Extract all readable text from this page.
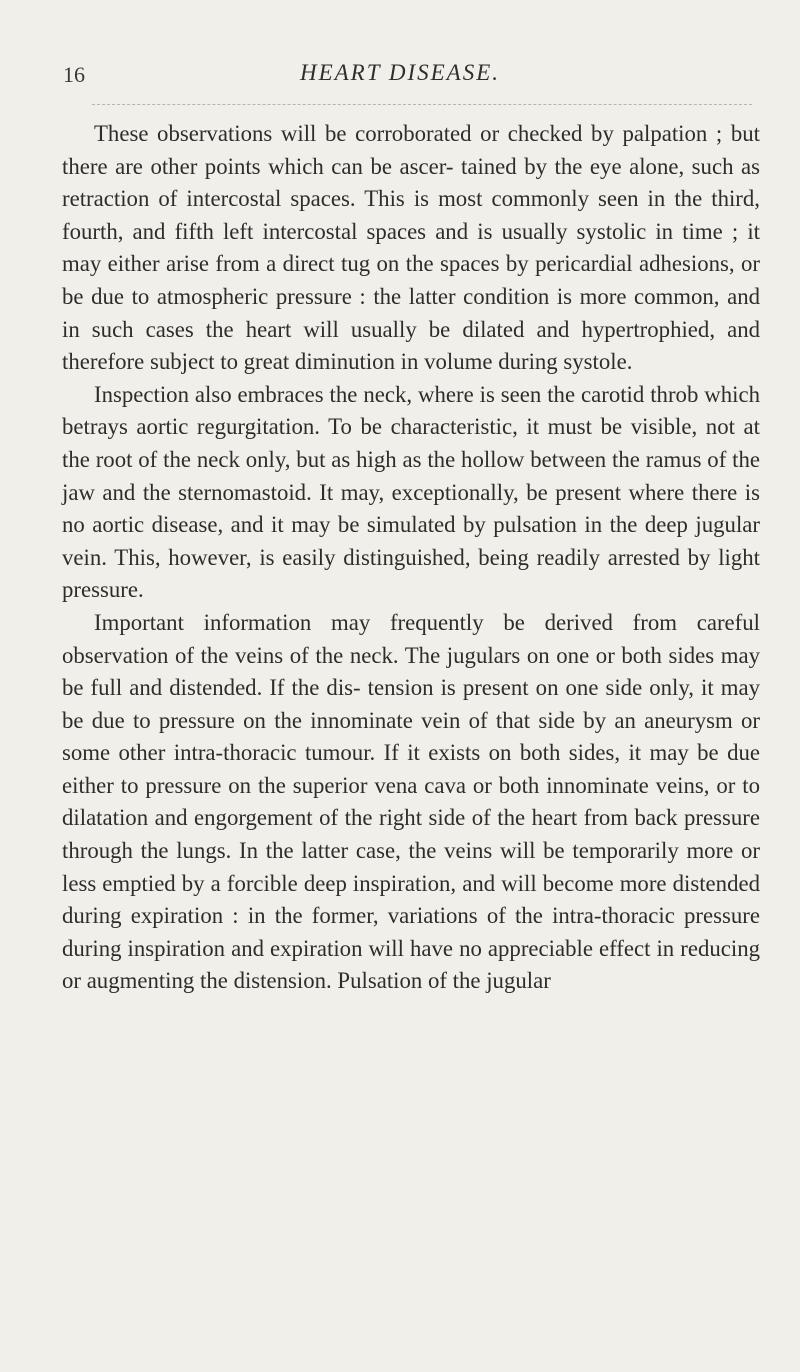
16	HEART DISEASE.

These observations will be corroborated or checked by palpation ; but there are other points which can be ascer- tained by the eye alone, such as retraction of intercostal spaces. This is most commonly seen in the third, fourth, and fifth left intercostal spaces and is usually systolic in time ; it may either arise from a direct tug on the spaces by pericardial adhesions, or be due to atmospheric pressure : the latter condition is more common, and in such cases the heart will usually be dilated and hypertrophied, and therefore subject to great diminution in volume during systole.

Inspection also embraces the neck, where is seen the carotid throb which betrays aortic regurgitation. To be characteristic, it must be visible, not at the root of the neck only, but as high as the hollow between the ramus of the jaw and the sternomastoid. It may, exceptionally, be present where there is no aortic disease, and it may be simulated by pulsation in the deep jugular vein. This, however, is easily distinguished, being readily arrested by light pressure.

Important information may frequently be derived from careful observation of the veins of the neck. The jugulars on one or both sides may be full and distended. If the dis- tension is present on one side only, it may be due to pressure on the innominate vein of that side by an aneurysm or some other intra-thoracic tumour. If it exists on both sides, it may be due either to pressure on the superior vena cava or both innominate veins, or to dilatation and engorgement of the right side of the heart from back pressure through the lungs. In the latter case, the veins will be temporarily more or less emptied by a forcible deep inspiration, and will become more distended during expiration : in the former, variations of the intra-thoracic pressure during inspiration and expiration will have no appreciable effect in reducing or augmenting the distension. Pulsation of the jugular
